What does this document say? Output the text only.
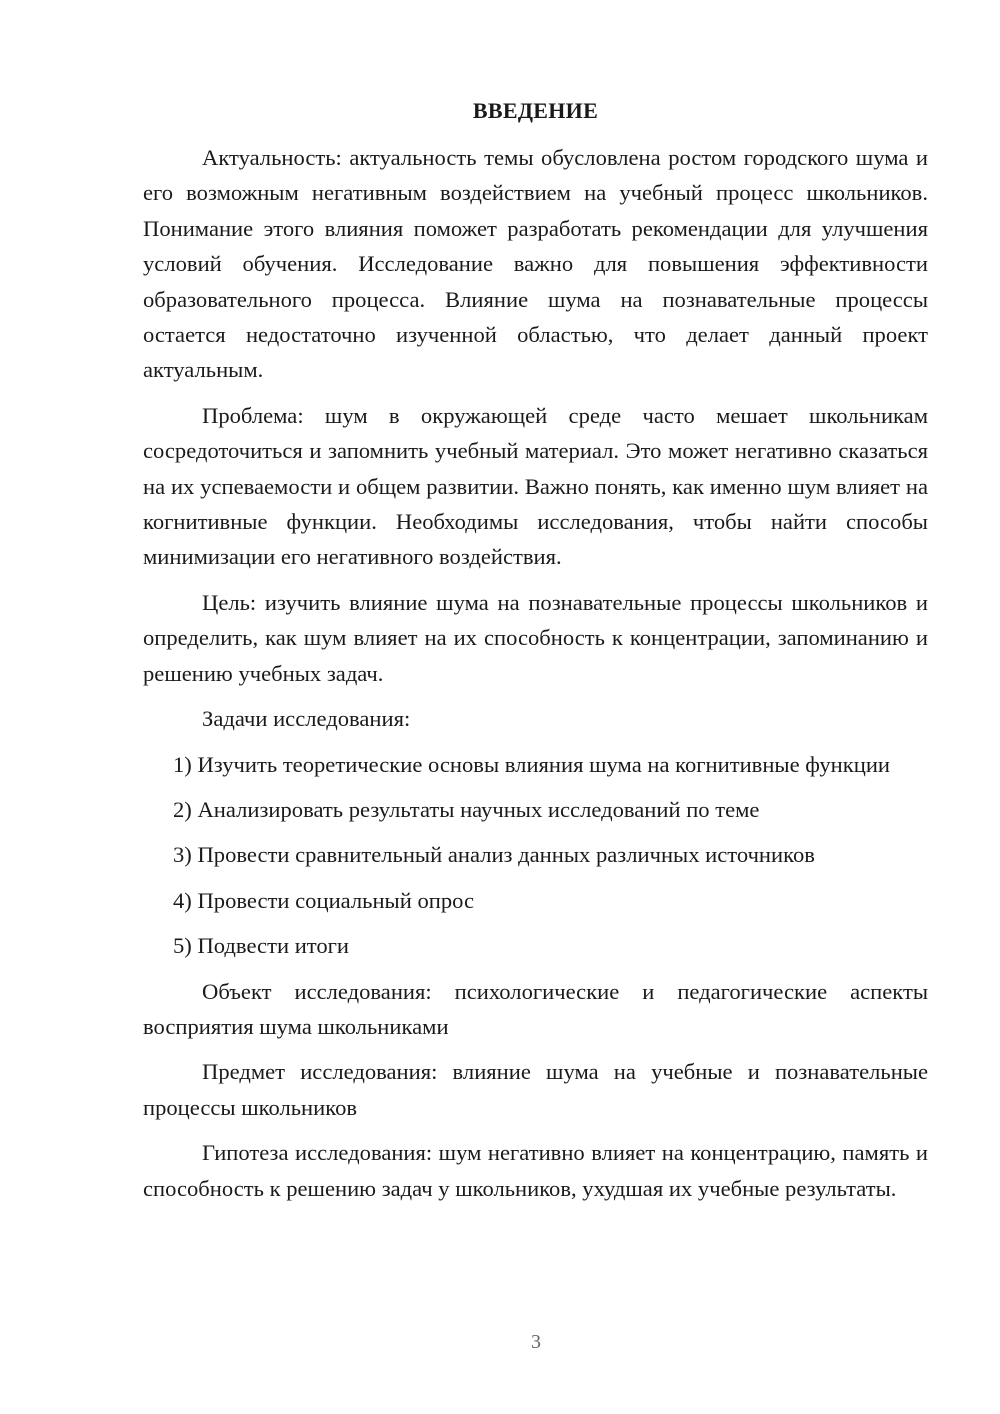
ВВЕДЕНИЕ

Актуальность: актуальность темы обусловлена ростом городского шума и его возможным негативным воздействием на учебный процесс школьников. Понимание этого влияния поможет разработать рекомендации для улучшения условий обучения. Исследование важно для повышения эффективности образовательного процесса. Влияние шума на познавательные процессы остается недостаточно изученной областью, что делает данный проект актуальным.

Проблема: шум в окружающей среде часто мешает школьникам сосредоточиться и запомнить учебный материал. Это может негативно сказаться на их успеваемости и общем развитии. Важно понять, как именно шум влияет на когнитивные функции. Необходимы исследования, чтобы найти способы минимизации его негативного воздействия.

Цель: изучить влияние шума на познавательные процессы школьников и определить, как шум влияет на их способность к концентрации, запоминанию и решению учебных задач.

Задачи исследования:

1) Изучить теоретические основы влияния шума на когнитивные функции

2) Анализировать результаты научных исследований по теме

3) Провести сравнительный анализ данных различных источников

4) Провести социальный опрос

5) Подвести итоги

Объект исследования: психологические и педагогические аспекты восприятия шума школьниками

Предмет исследования: влияние шума на учебные и познавательные процессы школьников

Гипотеза исследования: шум негативно влияет на концентрацию, память и способность к решению задач у школьников, ухудшая их учебные результаты.

3
